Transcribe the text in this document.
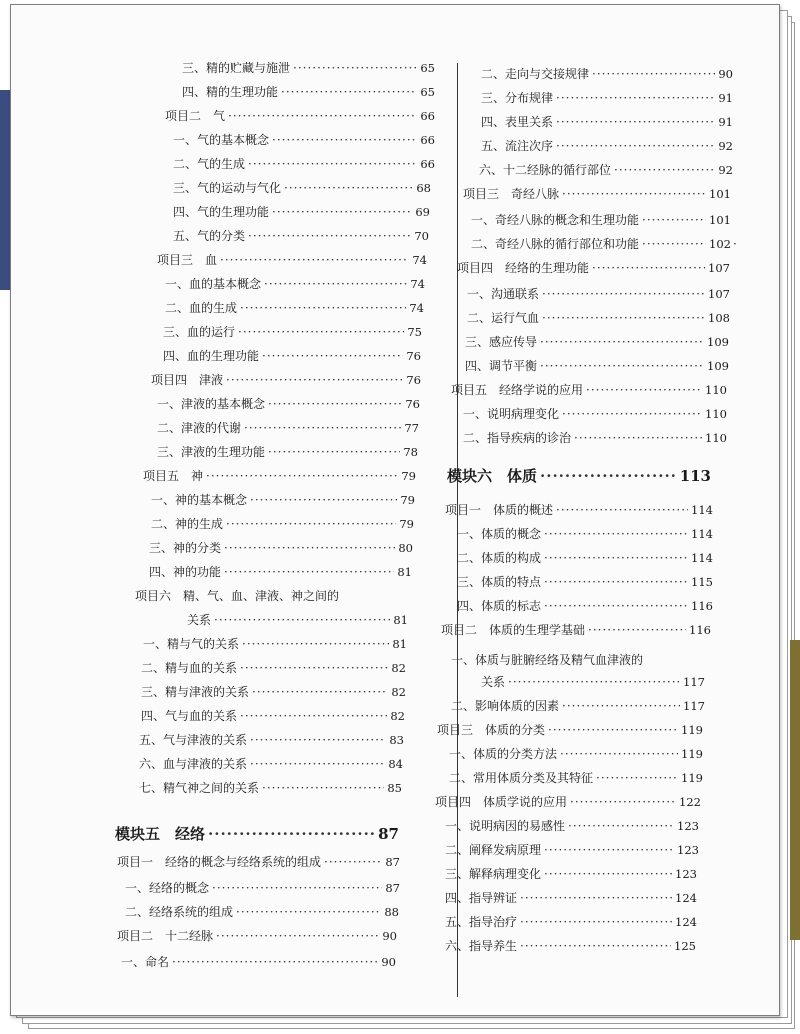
三、精的贮藏与施泄 ·····	65
四、精的生理功能 ·····	65
项目二　气 ·····	66
一、气的基本概念 ·····	66
二、气的生成 ·····	66
三、气的运动与气化 ·····	68
四、气的生理功能 ·····	69
五、气的分类 ·····	70
项目三　血 ·····	74
一、血的基本概念 ·····	74
二、血的生成 ·····	74
三、血的运行 ·····	75
四、血的生理功能 ·····	76
项目四　津液 ·····	76
一、津液的基本概念 ·····	76
二、津液的代谢 ·····	77
三、津液的生理功能 ·····	78
项目五　神 ·····	79
一、神的基本概念 ·····	79
二、神的生成 ·····	79
三、神的分类 ·····	80
四、神的功能 ·····	81
项目六　精、气、血、津液、神之间的
关系 ·····	81
一、精与气的关系 ·····	81
二、精与血的关系 ·····	82
三、精与津液的关系 ·····	82
四、气与血的关系 ·····	82
五、气与津液的关系 ·····	83
六、血与津液的关系 ·····	84
七、精气神之间的关系 ·····	85
模块五　经络 ·····	87
项目一　经络的概念与经络系统的组成 ·····	87
一、经络的概念 ·····	87
二、经络系统的组成 ·····	88
项目二　十二经脉 ·····	90
一、命名 ·····	90
二、走向与交接规律 ·····	90
三、分布规律 ·····	91
四、表里关系 ·····	91
五、流注次序 ·····	92
六、十二经脉的循行部位 ·····	92
项目三　奇经八脉 ·····	101
一、奇经八脉的概念和生理功能 ·····	101
二、奇经八脉的循行部位和功能 ·····	102
项目四　经络的生理功能 ·····	107
一、沟通联系 ·····	107
二、运行气血 ·····	108
三、感应传导 ·····	109
四、调节平衡 ·····	109
项目五　经络学说的应用 ·····	110
一、说明病理变化 ·····	110
二、指导疾病的诊治 ·····	110
模块六　体质 ·····	113
项目一　体质的概述 ·····	114
一、体质的概念 ·····	114
二、体质的构成 ·····	114
三、体质的特点 ·····	115
四、体质的标志 ·····	116
项目二　体质的生理学基础 ·····	116
一、体质与脏腑经络及精气血津液的
关系 ·····	117
二、影响体质的因素 ·····	117
项目三　体质的分类 ·····	119
一、体质的分类方法 ·····	119
二、常用体质分类及其特征 ·····	119
项目四　体质学说的应用 ·····	122
一、说明病因的易感性 ·····	123
二、阐释发病原理 ·····	123
三、解释病理变化 ·····	123
四、指导辨证 ·····	124
五、指导治疗 ·····	124
六、指导养生 ·····	125
·
